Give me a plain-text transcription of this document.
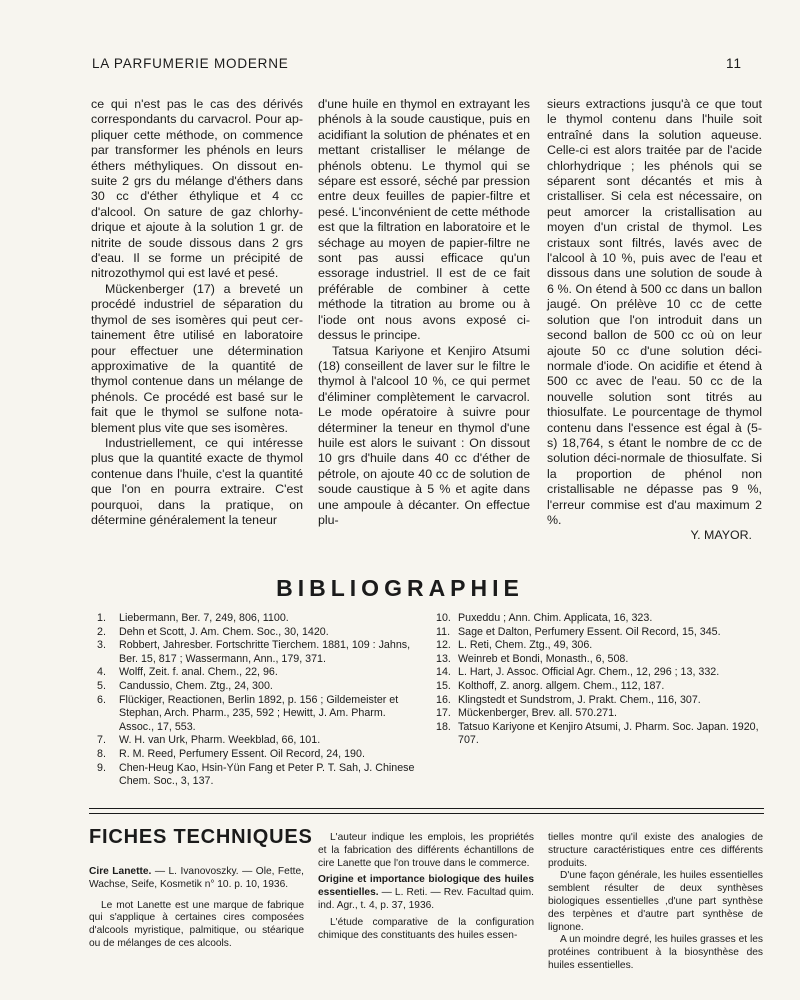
LA PARFUMERIE MODERNE	11

ce qui n'est pas le cas des dérivés correspondants du carvacrol. Pour appliquer cette méthode, on commence par transformer les phénols en leurs éthers méthyliques. On dissout ensuite 2 grs du mélange d'éthers dans 30 cc d'éther éthylique et 4 cc d'alcool. On sature de gaz chlorhydrique et ajoute à la solution 1 gr. de nitrite de soude dissous dans 2 grs d'eau. Il se forme un précipité de nitrozothymol qui est lavé et pesé.

Mückenberger (17) a breveté un procédé industriel de séparation du thymol de ses isomères qui peut certainement être utilisé en laboratoire pour effectuer une détermination approximative de la quantité de thymol contenue dans un mélange de phénols. Ce procédé est basé sur le fait que le thymol se sulfone notablement plus vite que ses isomères.

Industriellement, ce qui intéresse plus que la quantité exacte de thymol contenue dans l'huile, c'est la quantité que l'on en pourra extraire. C'est pourquoi, dans la pratique, on détermine généralement la teneur

d'une huile en thymol en extrayant les phénols à la soude caustique, puis en acidifiant la solution de phénates et en mettant cristalliser le mélange de phénols obtenu. Le thymol qui se sépare est essoré, séché par pression entre deux feuilles de papier-filtre et pesé. L'inconvénient de cette méthode est que la filtration en laboratoire et le séchage au moyen de papier-filtre ne sont pas aussi efficace qu'un essorage industriel. Il est de ce fait préférable de combiner à cette méthode la titration au brome ou à l'iode ont nous avons exposé ci-dessus le principe.

Tatsua Kariyone et Kenjiro Atsumi (18) conseillent de laver sur le filtre le thymol à l'alcool 10 %, ce qui permet d'éliminer complètement le carvacrol. Le mode opératoire à suivre pour déterminer la teneur en thymol d'une huile est alors le suivant : On dissout 10 grs d'huile dans 40 cc d'éther de pétrole, on ajoute 40 cc de solution de soude caustique à 5 % et agite dans une ampoule à décanter. On effectue plu-

sieurs extractions jusqu'à ce que tout le thymol contenu dans l'huile soit entraîné dans la solution aqueuse. Celle-ci est alors traitée par de l'acide chlorhydrique ; les phénols qui se séparent sont décantés et mis à cristalliser. Si cela est nécessaire, on peut amorcer la cristallisation au moyen d'un cristal de thymol. Les cristaux sont filtrés, lavés avec de l'alcool à 10 %, puis avec de l'eau et dissous dans une solution de soude à 6 %. On étend à 500 cc dans un ballon jaugé. On prélève 10 cc de cette solution que l'on introduit dans un second ballon de 500 cc où on leur ajoute 50 cc d'une solution déci-normale d'iode. On acidifie et étend à 500 cc avec de l'eau. 50 cc de la nouvelle solution sont titrés au thiosulfate. Le pourcentage de thymol contenu dans l'essence est égal à (5-s) 18,764, s étant le nombre de cc de solution déci-normale de thiosulfate. Si la proportion de phénol non cristallisable ne dépasse pas 9 %, l'erreur commise est d'au maximum 2 %.

Y. MAYOR.

BIBLIOGRAPHIE
1. Liebermann, Ber. 7, 249, 806, 1100.
2. Dehn et Scott, J. Am. Chem. Soc., 30, 1420.
3. Robbert, Jahresber. Fortschritte Tierchem. 1881, 109 : Jahns, Ber. 15, 817 ; Wassermann, Ann., 179, 371.
4. Wolff, Zeit. f. anal. Chem., 22, 96.
5. Candussio, Chem. Ztg., 24, 300.
6. Flückiger, Reactionen, Berlin 1892, p. 156 ; Gildemeister et Stephan, Arch. Pharm., 235, 592 ; Hewitt, J. Am. Pharm. Assoc., 17, 553.
7. W. H. van Urk, Pharm. Weekblad, 66, 101.
8. R. M. Reed, Perfumery Essent. Oil Record, 24, 190.
9. Chen-Heug Kao, Hsin-Yün Fang et Peter P. T. Sah, J. Chinese Chem. Soc., 3, 137.
10. Puxeddu ; Ann. Chim. Applicata, 16, 323.
11. Sage et Dalton, Perfumery Essent. Oil Record, 15, 345.
12. L. Reti, Chem. Ztg., 49, 306.
13. Weinreb et Bondi, Monasth., 6, 508.
14. L. Hart, J. Assoc. Official Agr. Chem., 12, 296 ; 13, 332.
15. Kolthoff, Z. anorg. allgem. Chem., 112, 187.
16. Klingstedt et Sundstrom, J. Prakt. Chem., 116, 307.
17. Mückenberger, Brev. all. 570.271.
18. Tatsuo Kariyone et Kenjiro Atsumi, J. Pharm. Soc. Japan. 1920, 707.
FICHES TECHNIQUES

Cire Lanette. — L. Ivanovoszky. — Ole, Fette, Wachse, Seife, Kosmetik n° 10. p. 10, 1936.

Le mot Lanette est une marque de fabrique qui s'applique à certaines cires composées d'alcools myristique, palmitique, ou stéarique ou de mélanges de ces alcools.

L'auteur indique les emplois, les propriétés et la fabrication des différents échantillons de cire Lanette que l'on trouve dans le commerce.

Origine et importance biologique des huiles essentielles. — L. Reti. — Rev. Facultad quim. ind. Agr., t. 4, p. 37, 1936.

L'étude comparative de la configuration chimique des constituants des huiles essen-

tielles montre qu'il existe des analogies de structure caractéristiques entre ces différents produits.

D'une façon générale, les huiles essentielles semblent résulter de deux synthèses biologiques essentielles ,d'une part synthèse des terpènes et d'autre part synthèse de lignone.

A un moindre degré, les huiles grasses et les protéines contribuent à la biosynthèse des huiles essentielles.
